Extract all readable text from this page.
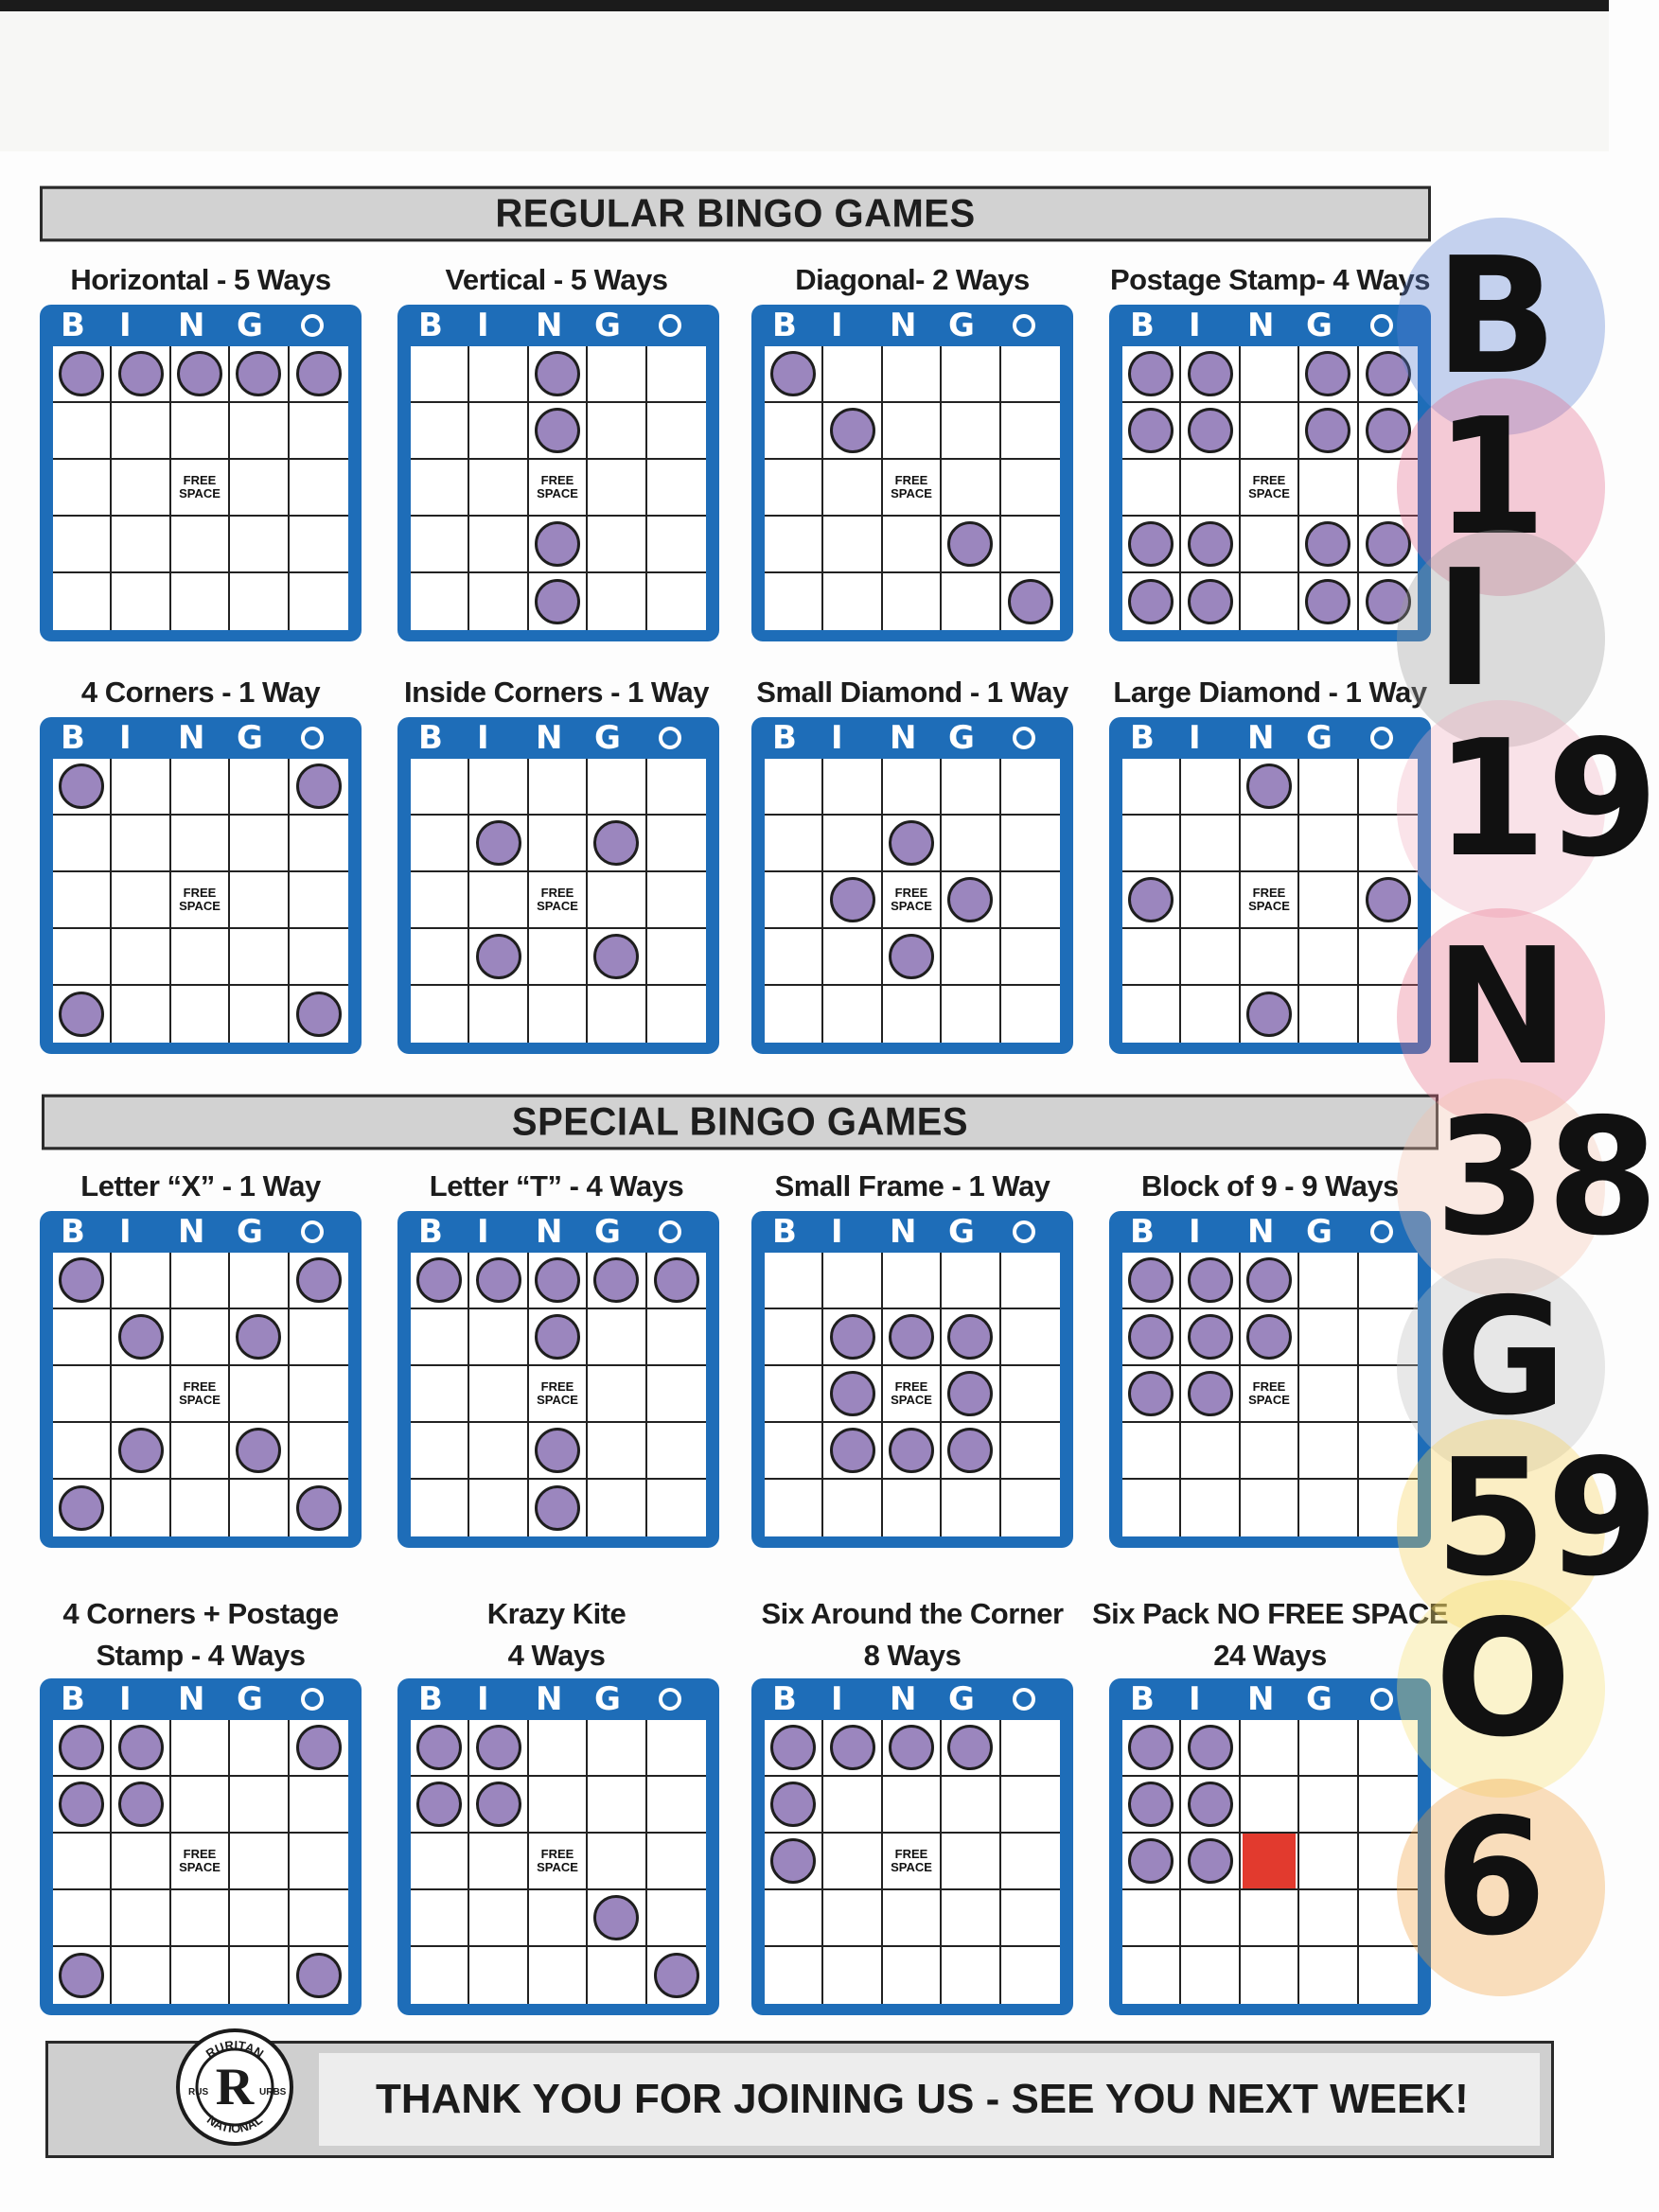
REGULAR BINGO GAMES
SPECIAL BINGO GAMES
Horizontal - 5 Ways
B I	N G
FREE
SPACE
Vertical - 5 Ways
B I	N G
FREE
SPACE
Diagonal- 2 Ways
B I	N G
FREE
SPACE
Postage Stamp- 4 Ways
B I	N G
FREE
SPACE
4 Corners - 1 Way
B I	N G
FREE
SPACE
Inside Corners - 1 Way
B I	N G
FREE
SPACE
Small Diamond - 1 Way
B I	N G
FREE
SPACE
Large Diamond - 1 Way
B I	N G
FREE
SPACE
Letter “X” - 1 Way
B I	N G
FREE
SPACE
Letter “T” - 4 Ways
B I	N G
FREE
SPACE
Small Frame - 1 Way
B I	N G
FREE
SPACE
Block of 9 - 9 Ways
B I	N G
FREE
SPACE
4 Corners + Postage
Stamp - 4 Ways
B I	N G
FREE
SPACE
Krazy Kite
4 Ways
B I	N G
FREE
SPACE
Six Around the Corner
8 Ways
B I	N G
FREE
SPACE
Six Pack NO FREE SPACE
24 Ways
B I	N G
B
1
I
19
N
38
G
59
O
6
THANK YOU FOR JOINING US - SEE YOU NEXT WEEK!
RURITAN
NATIONAL
RUS	URBS
R
